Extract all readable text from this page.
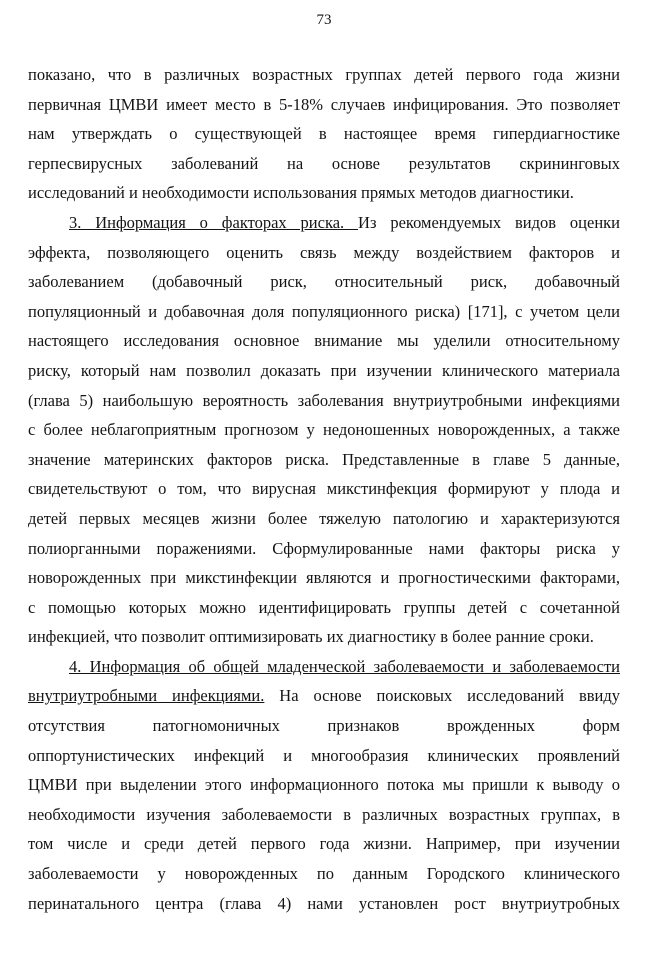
73
показано, что в различных возрастных группах детей первого года жизни
первичная ЦМВИ имеет место в 5-18% случаев инфицирования. Это позволяет
нам утверждать о существующей в настоящее время гипердиагностике
герпесвирусных заболеваний на основе результатов скрининговых
исследований и необходимости использования прямых методов диагностики.
3. Информация о факторах риска. Из рекомендуемых видов оценки
эффекта, позволяющего оценить связь между воздействием факторов и
заболеванием (добавочный риск, относительный риск, добавочный
популяционный и добавочная доля популяционного риска) [171], с учетом цели
настоящего исследования основное внимание мы уделили относительному
риску, который нам позволил доказать при изучении клинического материала
(глава 5) наибольшую вероятность заболевания внутриутробными инфекциями
с более неблагоприятным прогнозом у недоношенных новорожденных, а также
значение материнских факторов риска. Представленные в главе 5 данные,
свидетельствуют о том, что вирусная микстинфекция формируют у плода и
детей первых месяцев жизни более тяжелую патологию и характеризуются
полиорганными поражениями. Сформулированные нами факторы риска у
новорожденных при микстинфекции являются и прогностическими факторами,
с помощью которых можно идентифицировать группы детей с сочетанной
инфекцией, что позволит оптимизировать их диагностику в более ранние сроки.
4. Информация об общей младенческой заболеваемости и заболеваемости
внутриутробными инфекциями. На основе поисковых исследований ввиду
отсутствия патогномоничных признаков врожденных форм
оппортунистических инфекций и многообразия клинических проявлений
ЦМВИ при выделении этого информационного потока мы пришли к выводу о
необходимости изучения заболеваемости в различных возрастных группах, в
том числе и среди детей первого года жизни. Например, при изучении
заболеваемости у новорожденных по данным Городского клинического
перинатального центра (глава 4) нами установлен рост внутриутробных
